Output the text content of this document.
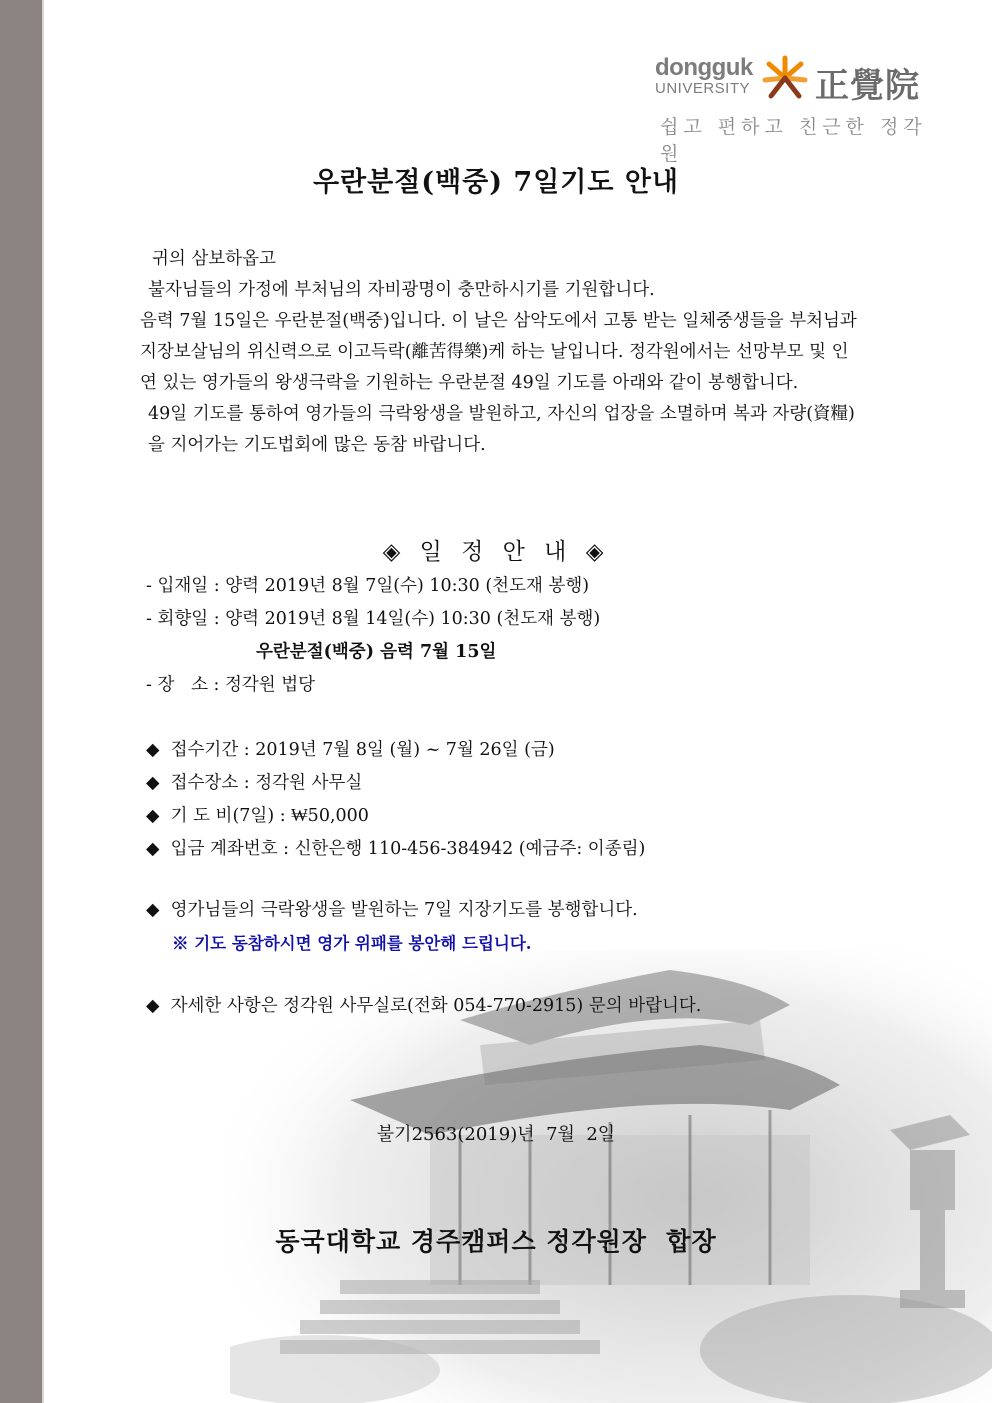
dongguk
UNIVERSITY 正覺院
쉽고 편하고 친근한 정각원
우란분절(백중) 7일기도 안내

귀의 삼보하옵고

불자님들의 가정에 부처님의 자비광명이 충만하시기를 기원합니다.

음력 7월 15일은 우란분절(백중)입니다. 이 날은 삼악도에서 고통 받는 일체중생들을 부처님과 지장보살님의 위신력으로 이고득락(離苦得樂)케 하는 날입니다. 정각원에서는 선망부모 및 인연 있는 영가들의 왕생극락을 기원하는 우란분절 49일 기도를 아래와 같이 봉행합니다.

49일 기도를 통하여 영가들의 극락왕생을 발원하고, 자신의 업장을 소멸하며 복과 자량(資糧)을 지어가는 기도법회에 많은 동참 바랍니다.

◈ 일 정 안 내 ◈
- 입재일 : 양력 2019년 8월 7일(수) 10:30 (천도재 봉행)
- 회향일 : 양력 2019년 8월 14일(수) 10:30 (천도재 봉행)
우란분절(백중) 음력 7월 15일
- 장   소 : 정각원 법당
◆ 접수기간 : 2019년 7월 8일 (월) ~ 7월 26일 (금)
◆ 접수장소 : 정각원 사무실
◆ 기 도 비(7일) : ₩50,000
◆ 입금 계좌번호 : 신한은행 110-456-384942 (예금주: 이종림)
◆ 영가님들의 극락왕생을 발원하는 7일 지장기도를 봉행합니다.
※ 기도 동참하시면 영가 위패를 봉안해 드립니다.
◆ 자세한 사항은 정각원 사무실로(전화 054-770-2915) 문의 바랍니다.
불기2563(2019)년  7월  2일
동국대학교 경주캠퍼스 정각원장  합장
